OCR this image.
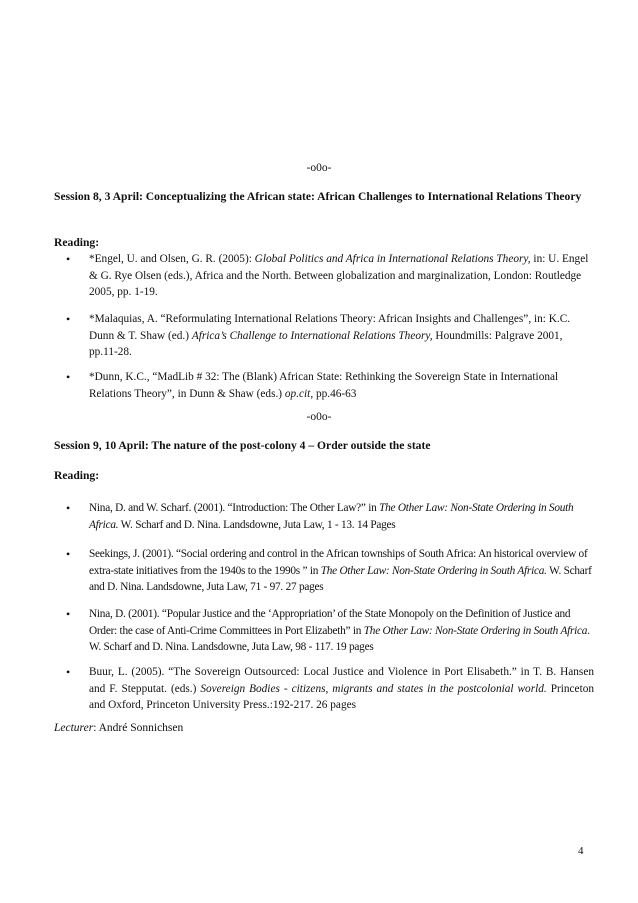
-o0o-
Session 8, 3 April: Conceptualizing the African state: African Challenges to International Relations Theory
Reading:
• *Engel, U. and Olsen, G. R. (2005): Global Politics and Africa in International Relations Theory, in: U. Engel & G. Rye Olsen (eds.), Africa and the North. Between globalization and marginalization, London: Routledge 2005, pp. 1-19.
• *Malaquias, A. “Reformulating International Relations Theory: African Insights and Challenges”, in: K.C. Dunn & T. Shaw (ed.) Africa’s Challenge to International Relations Theory, Houndmills: Palgrave 2001, pp.11-28.
• *Dunn, K.C., “MadLib # 32: The (Blank) African State: Rethinking the Sovereign State in International Relations Theory”, in Dunn & Shaw (eds.) op.cit, pp.46-63
-o0o-
Session 9, 10 April: The nature of the post-colony 4 – Order outside the state
Reading:
• Nina, D. and W. Scharf. (2001). “Introduction: The Other Law?” in The Other Law: Non-State Ordering in South Africa. W. Scharf and D. Nina. Landsdowne, Juta Law, 1 - 13. 14 Pages
• Seekings, J. (2001). “Social ordering and control in the African townships of South Africa: An historical overview of extra-state initiatives from the 1940s to the 1990s ” in The Other Law: Non-State Ordering in South Africa. W. Scharf and D. Nina. Landsdowne, Juta Law, 71 - 97. 27 pages
• Nina, D. (2001). “Popular Justice and the ‘Appropriation’ of the State Monopoly on the Definition of Justice and Order: the case of Anti-Crime Committees in Port Elizabeth” in The Other Law: Non-State Ordering in South Africa. W. Scharf and D. Nina. Landsdowne, Juta Law, 98 - 117. 19 pages
• Buur, L. (2005). “The Sovereign Outsourced: Local Justice and Violence in Port Elisabeth.” in T. B. Hansen and F. Stepputat. (eds.) Sovereign Bodies - citizens, migrants and states in the postcolonial world. Princeton and Oxford, Princeton University Press.:192-217. 26 pages
Lecturer: André Sonnichsen
4
